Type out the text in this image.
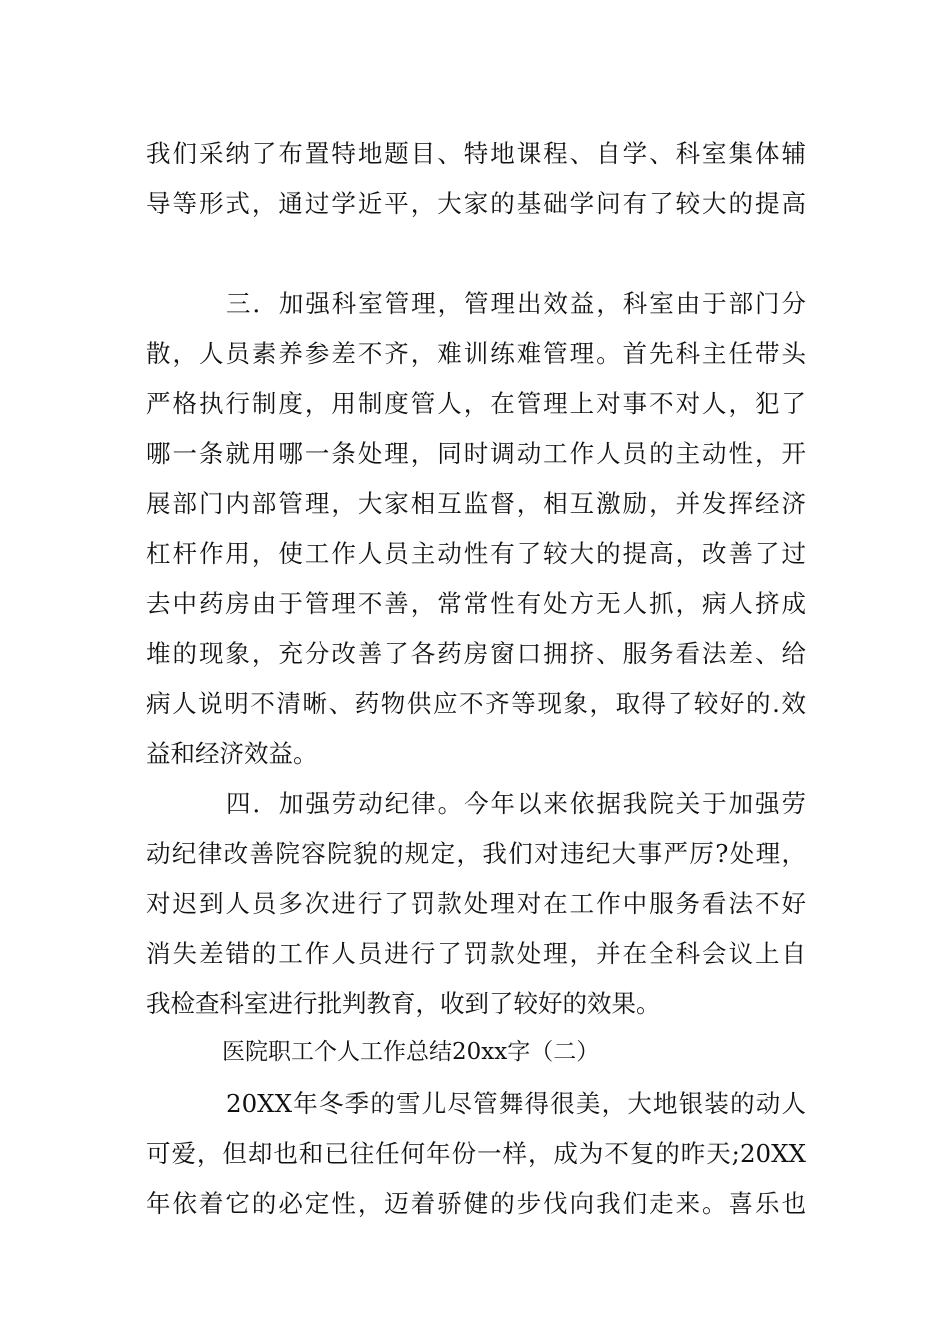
我们采纳了布置特地题目、特地课程、自学、科室集体辅
导等形式，通过学近平，大家的基础学问有了较大的提高
三．加强科室管理，管理出效益，科室由于部门分
散，人员素养参差不齐，难训练难管理。首先科主任带头
严格执行制度，用制度管人，在管理上对事不对人，犯了
哪一条就用哪一条处理，同时调动工作人员的主动性，开
展部门内部管理，大家相互监督，相互激励，并发挥经济
杠杆作用，使工作人员主动性有了较大的提高，改善了过
去中药房由于管理不善，常常性有处方无人抓，病人挤成
堆的现象，充分改善了各药房窗口拥挤、服务看法差、给
病人说明不清晰、药物供应不齐等现象，取得了较好的.效
益和经济效益。
四．加强劳动纪律。今年以来依据我院关于加强劳
动纪律改善院容院貌的规定，我们对违纪大事严厉?处理，
对迟到人员多次进行了罚款处理对在工作中服务看法不好
消失差错的工作人员进行了罚款处理，并在全科会议上自
我检查科室进行批判教育，收到了较好的效果。
医院职工个人工作总结20xx字（二）
20XX年冬季的雪儿尽管舞得很美，大地银装的动人
可爱，但却也和已往任何年份一样，成为不复的昨天;20XX
年依着它的必定性，迈着骄健的步伐向我们走来。喜乐也
